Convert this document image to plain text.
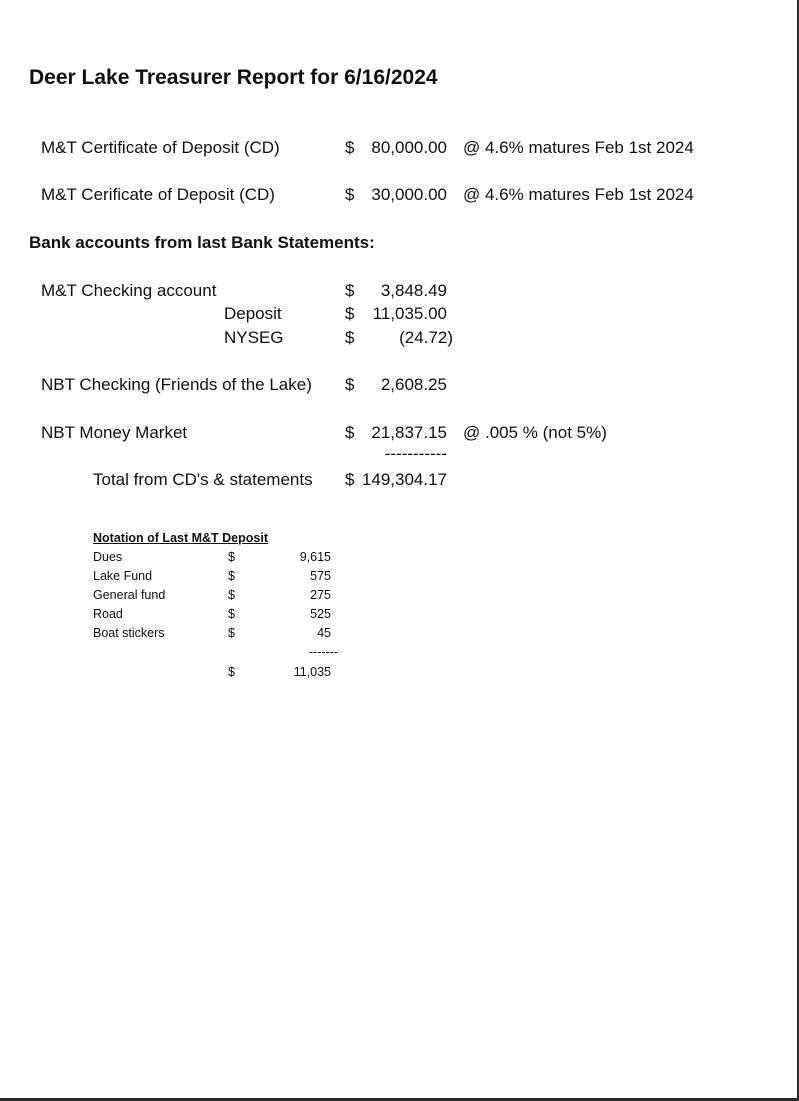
Deer Lake Treasurer Report for 6/16/2024
M&T Certificate of Deposit (CD)	$ 80,000.00 @ 4.6% matures Feb 1st 2024
M&T Cerificate of Deposit (CD)	$ 30,000.00 @ 4.6% matures Feb 1st 2024
Bank accounts from last Bank Statements:
M&T Checking account	$	3,848.49
Deposit	$	11,035.00
NYSEG	$	(24.72)
NBT Checking (Friends of the Lake) $	2,608.25
NBT Money Market	$ 21,837.15 @ .005 % (not 5%)
-----------
Total from CD's & statements $ 149,304.17
Notation of Last M&T Deposit
Dues	$	9,615
Lake Fund	$	575
General fund	$	275
Road	$	525
Boat stickers	$	45
-------
$	11,035
